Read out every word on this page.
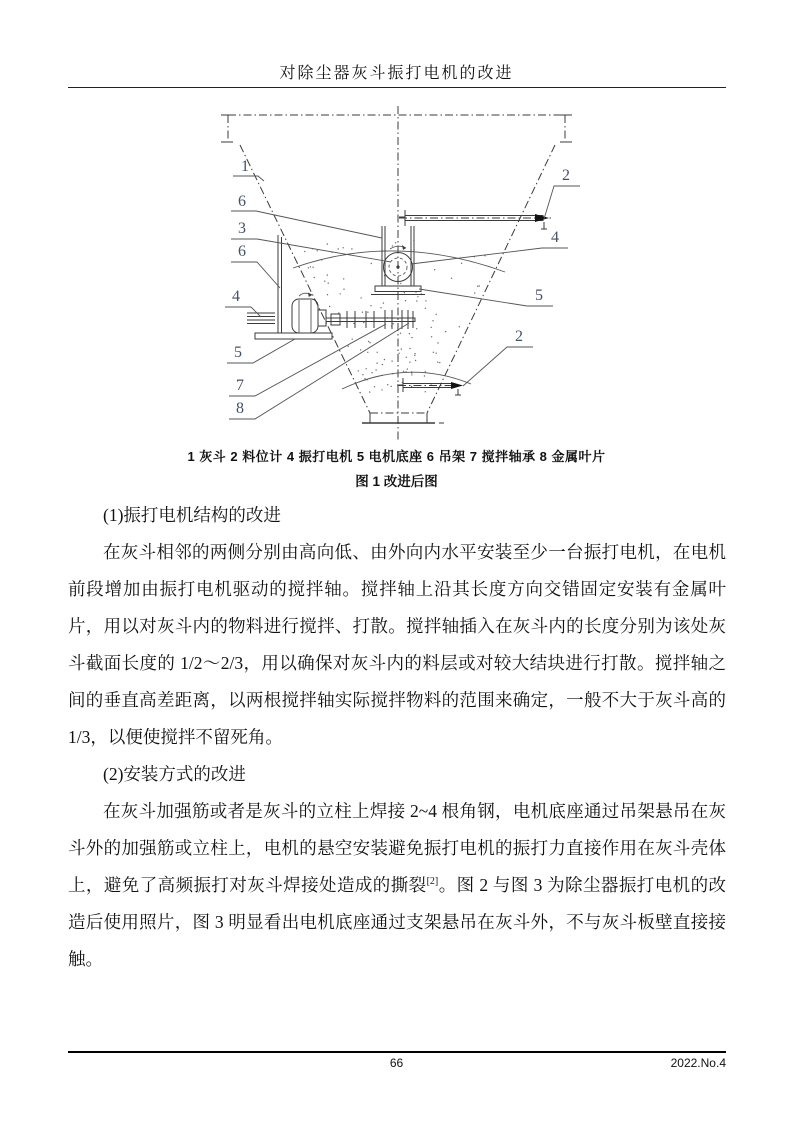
对除尘器灰斗振打电机的改进
1
6
3
6
4
5
7
8
2
4
5
2
1 灰斗 2 料位计 4 振打电机 5 电机底座 6 吊架 7 搅拌轴承 8 金属叶片
图 1 改进后图

(1)振打电机结构的改进

在灰斗相邻的两侧分别由高向低、由外向内水平安装至少一台振打电机，在电机前段增加由振打电机驱动的搅拌轴。搅拌轴上沿其长度方向交错固定安装有金属叶片，用以对灰斗内的物料进行搅拌、打散。搅拌轴插入在灰斗内的长度分别为该处灰斗截面长度的 1/2～2/3，用以确保对灰斗内的料层或对较大结块进行打散。搅拌轴之间的垂直高差距离，以两根搅拌轴实际搅拌物料的范围来确定，一般不大于灰斗高的 1/3，以便使搅拌不留死角。

(2)安装方式的改进

在灰斗加强筋或者是灰斗的立柱上焊接 2~4 根角钢，电机底座通过吊架悬吊在灰斗外的加强筋或立柱上，电机的悬空安装避免振打电机的振打力直接作用在灰斗壳体上，避免了高频振打对灰斗焊接处造成的撕裂[2]。图 2 与图 3 为除尘器振打电机的改造后使用照片，图 3 明显看出电机底座通过支架悬吊在灰斗外，不与灰斗板壁直接接触。

66	2022.No.4
